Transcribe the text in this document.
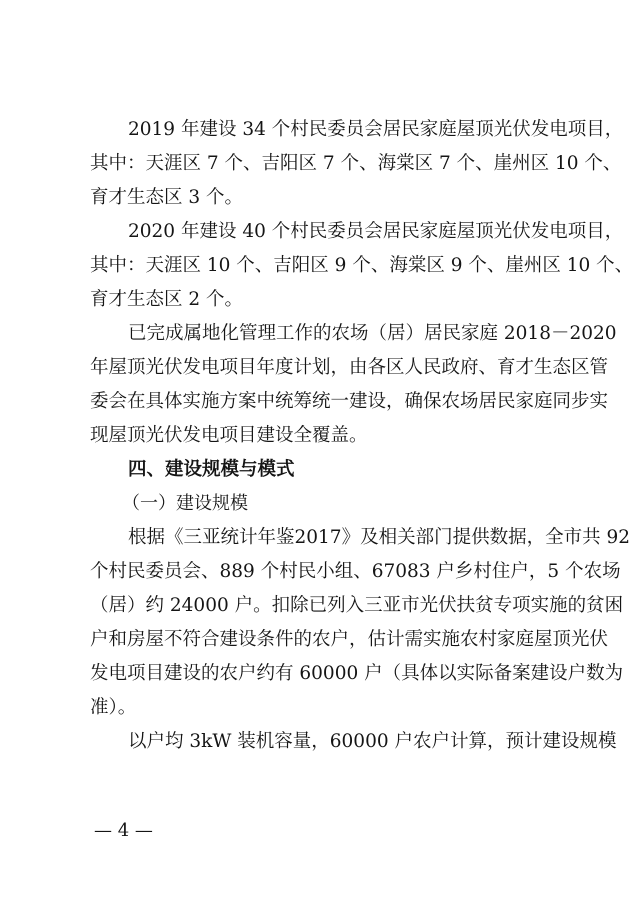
2019 年建设 34 个村民委员会居民家庭屋顶光伏发电项目，
其中：天涯区 7 个、吉阳区 7 个、海棠区 7 个、崖州区 10 个、
育才生态区 3 个。
2020 年建设 40 个村民委员会居民家庭屋顶光伏发电项目，
其中：天涯区 10 个、吉阳区 9 个、海棠区 9 个、崖州区 10 个、
育才生态区 2 个。
已完成属地化管理工作的农场（居）居民家庭 2018－2020
年屋顶光伏发电项目年度计划，由各区人民政府、育才生态区管
委会在具体实施方案中统筹统一建设，确保农场居民家庭同步实
现屋顶光伏发电项目建设全覆盖。
四、建设规模与模式
（一）建设规模
根据《三亚统计年鉴2017》及相关部门提供数据，全市共 92
个村民委员会、889 个村民小组、67083 户乡村住户，5 个农场
（居）约 24000 户。扣除已列入三亚市光伏扶贫专项实施的贫困
户和房屋不符合建设条件的农户，估计需实施农村家庭屋顶光伏
发电项目建设的农户约有 60000 户（具体以实际备案建设户数为
准）。
以户均 3kW 装机容量，60000 户农户计算，预计建设规模
— 4 —
